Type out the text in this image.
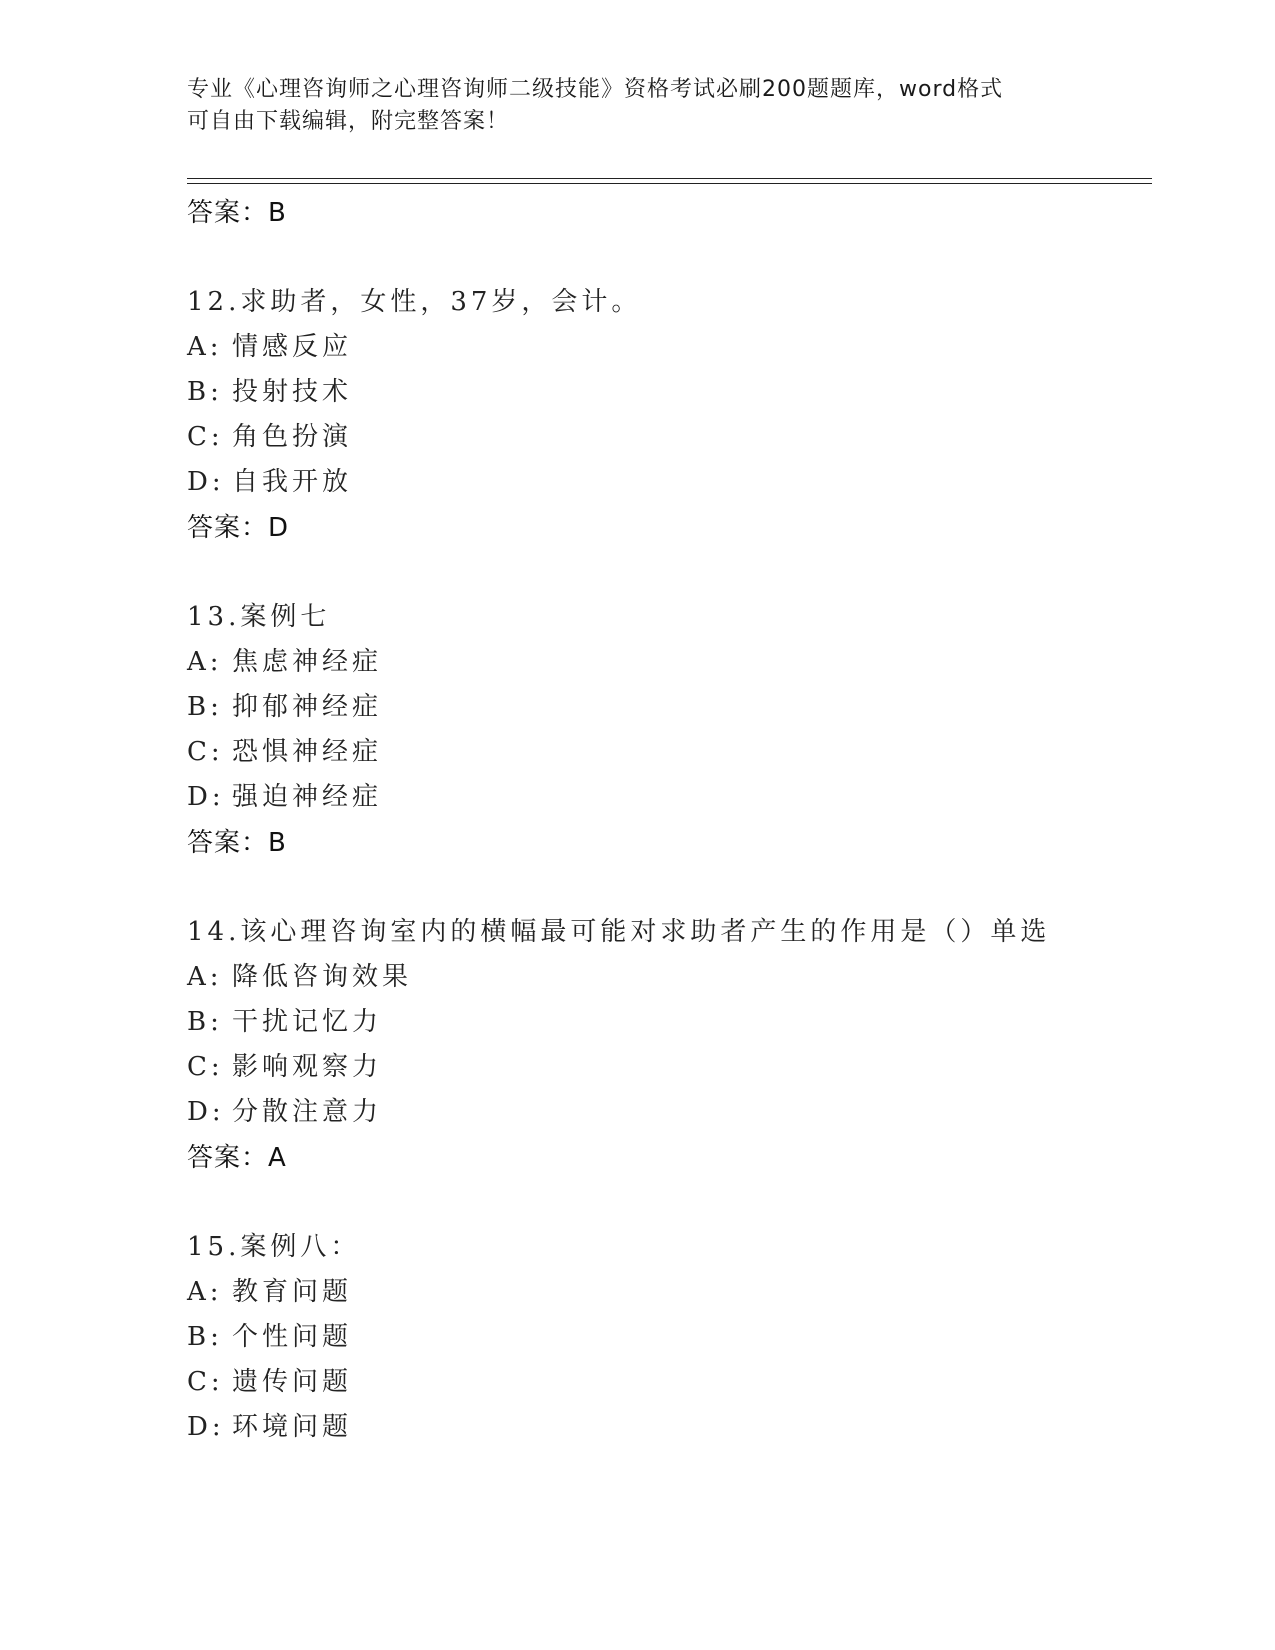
专业《心理咨询师之心理咨询师二级技能》资格考试必刷200题题库，word格式
可自由下载编辑，附完整答案！
答案：B
12.求助者，女性，37岁，会计。
A: 情感反应
B: 投射技术
C: 角色扮演
D: 自我开放
答案：D
13.案例七
A: 焦虑神经症
B: 抑郁神经症
C: 恐惧神经症
D: 强迫神经症
答案：B
14.该心理咨询室内的横幅最可能对求助者产生的作用是（）单选
A: 降低咨询效果
B: 干扰记忆力
C: 影响观察力
D: 分散注意力
答案：A
15.案例八：
A: 教育问题
B: 个性问题
C: 遗传问题
D: 环境问题
